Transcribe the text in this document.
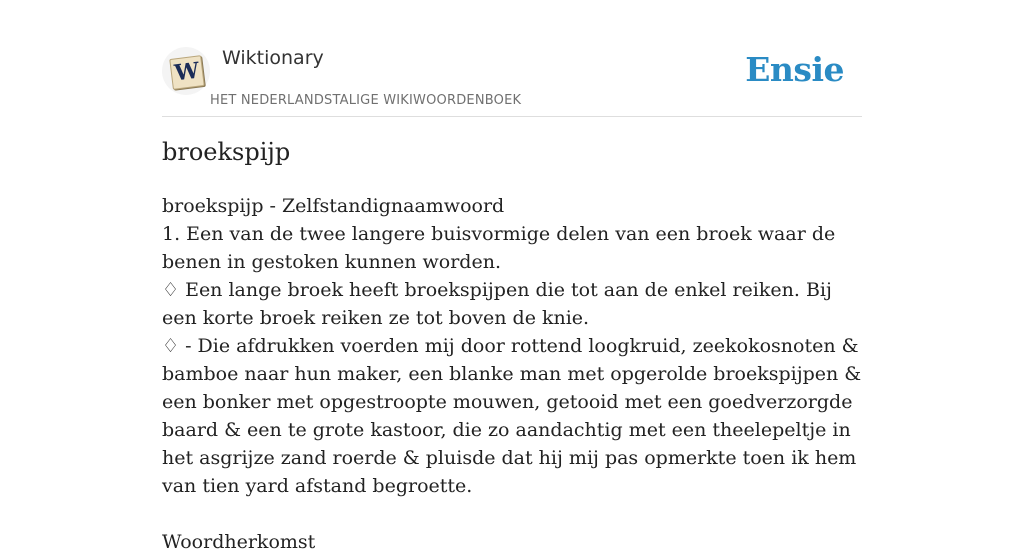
W Wiktionary
HET NEDERLANDSTALIGE WIKIWOORDENBOEK
Ensie
broekspijp

broekspijp - Zelfstandignaamwoord

1. Een van de twee langere buisvormige delen van een broek waar de benen in gestoken kunnen worden.

♢ Een lange broek heeft broekspijpen die tot aan de enkel reiken. Bij een korte broek reiken ze tot boven de knie.

♢ - Die afdrukken voerden mij door rottend loogkruid, zeekokosnoten & bamboe naar hun maker, een blanke man met opgerolde broekspijpen & een bonker met opgestroopte mouwen, getooid met een goedverzorgde baard & een te grote kastoor, die zo aandachtig met een theelepeltje in het asgrijze zand roerde & pluisde dat hij mij pas opmerkte toen ik hem van tien yard afstand begroette.

Woordherkomst
